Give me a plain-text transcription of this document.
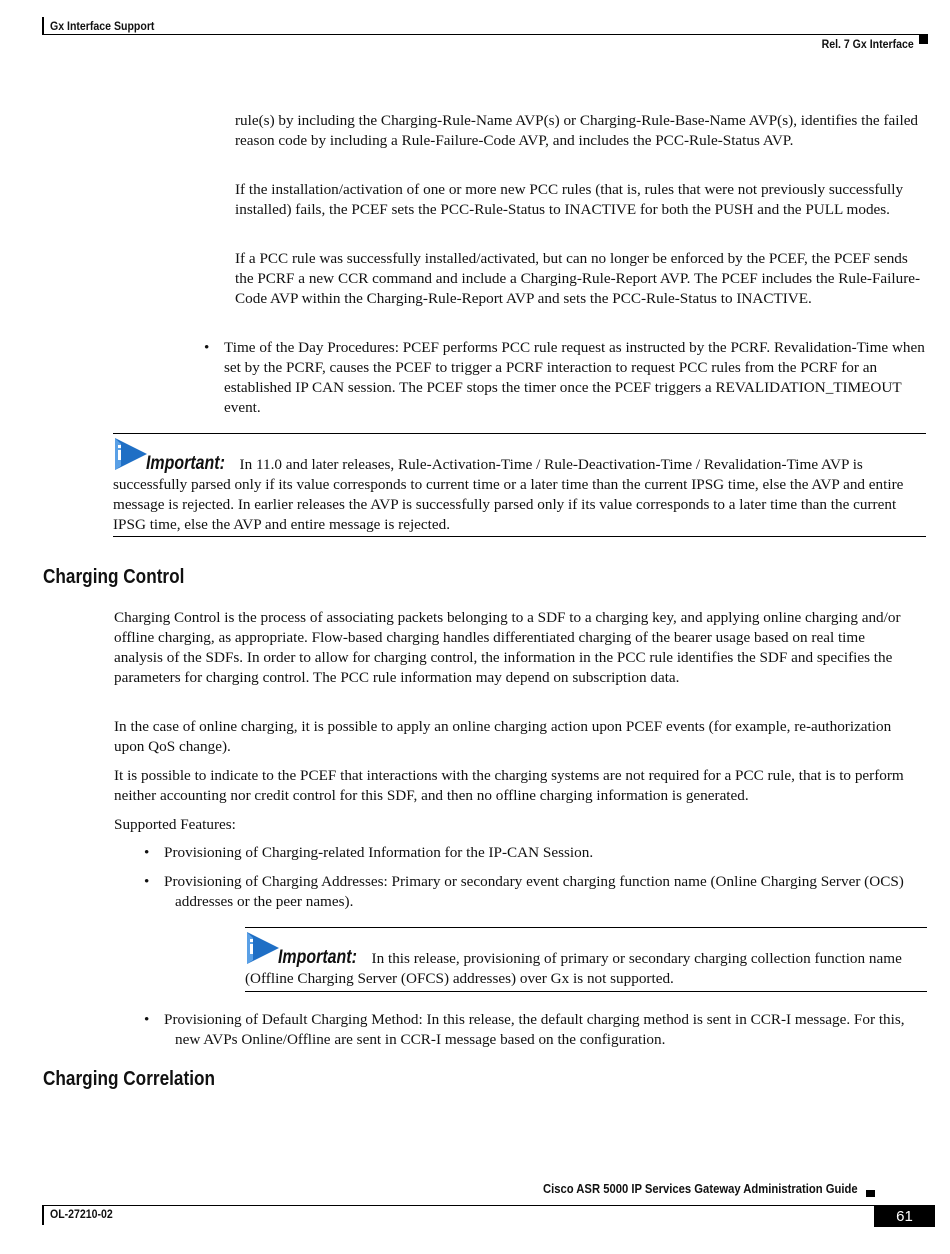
Gx Interface Support
Rel. 7 Gx Interface
rule(s) by including the Charging-Rule-Name AVP(s) or Charging-Rule-Base-Name AVP(s), identifies the failed reason code by including a Rule-Failure-Code AVP, and includes the PCC-Rule-Status AVP.
If the installation/activation of one or more new PCC rules (that is, rules that were not previously successfully installed) fails, the PCEF sets the PCC-Rule-Status to INACTIVE for both the PUSH and the PULL modes.
If a PCC rule was successfully installed/activated, but can no longer be enforced by the PCEF, the PCEF sends the PCRF a new CCR command and include a Charging-Rule-Report AVP. The PCEF includes the Rule-Failure-Code AVP within the Charging-Rule-Report AVP and sets the PCC-Rule-Status to INACTIVE.
• Time of the Day Procedures: PCEF performs PCC rule request as instructed by the PCRF. Revalidation-Time when set by the PCRF, causes the PCEF to trigger a PCRF interaction to request PCC rules from the PCRF for an established IP CAN session. The PCEF stops the timer once the PCEF triggers a REVALIDATION_TIMEOUT event.
Important: In 11.0 and later releases, Rule-Activation-Time / Rule-Deactivation-Time / Revalidation-Time AVP is successfully parsed only if its value corresponds to current time or a later time than the current IPSG time, else the AVP and entire message is rejected. In earlier releases the AVP is successfully parsed only if its value corresponds to a later time than the current IPSG time, else the AVP and entire message is rejected.
Charging Control
Charging Control is the process of associating packets belonging to a SDF to a charging key, and applying online charging and/or offline charging, as appropriate. Flow-based charging handles differentiated charging of the bearer usage based on real time analysis of the SDFs. In order to allow for charging control, the information in the PCC rule identifies the SDF and specifies the parameters for charging control. The PCC rule information may depend on subscription data.
In the case of online charging, it is possible to apply an online charging action upon PCEF events (for example, re-authorization upon QoS change).
It is possible to indicate to the PCEF that interactions with the charging systems are not required for a PCC rule, that is to perform neither accounting nor credit control for this SDF, and then no offline charging information is generated.
Supported Features:
• Provisioning of Charging-related Information for the IP-CAN Session.
• Provisioning of Charging Addresses: Primary or secondary event charging function name (Online Charging Server (OCS) addresses or the peer names).
Important: In this release, provisioning of primary or secondary charging collection function name (Offline Charging Server (OFCS) addresses) over Gx is not supported.
• Provisioning of Default Charging Method: In this release, the default charging method is sent in CCR-I message. For this, new AVPs Online/Offline are sent in CCR-I message based on the configuration.
Charging Correlation
Cisco ASR 5000 IP Services Gateway Administration Guide
OL-27210-02	61
